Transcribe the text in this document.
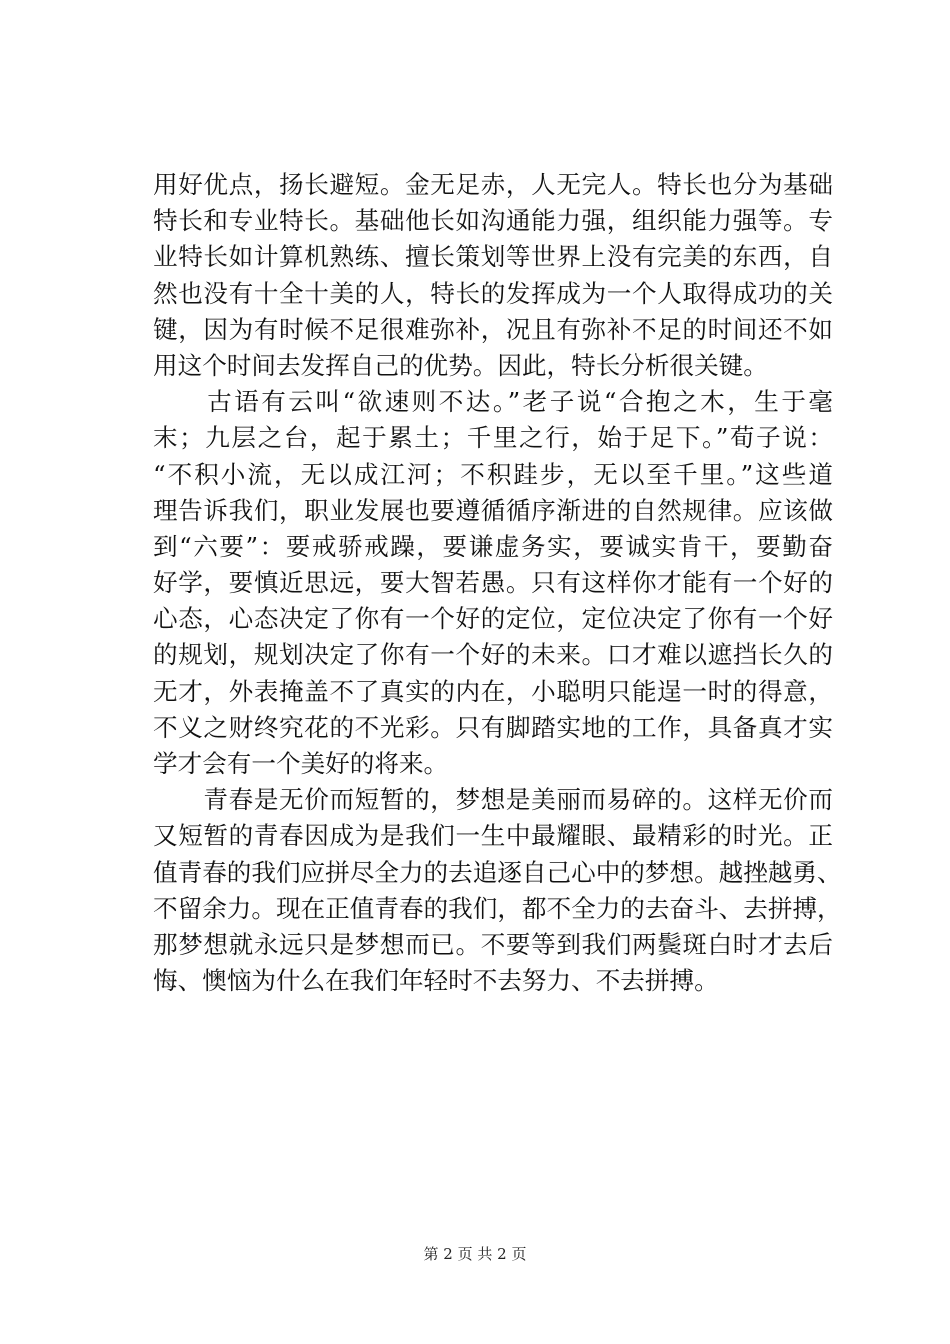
用好优点，扬长避短。金无足赤，人无完人。特长也分为基础
特长和专业特长。基础他长如沟通能力强，组织能力强等。专
业特长如计算机熟练、擅长策划等世界上没有完美的东西，自
然也没有十全十美的人，特长的发挥成为一个人取得成功的关
键，因为有时候不足很难弥补，况且有弥补不足的时间还不如
用这个时间去发挥自己的优势。因此，特长分析很关键。
　　古语有云叫“欲速则不达。”老子说“合抱之木，生于毫
末；九层之台，起于累土；千里之行，始于足下。”荀子说：
“不积小流，无以成江河；不积跬步，无以至千里。”这些道
理告诉我们，职业发展也要遵循循序渐进的自然规律。应该做
到“六要”：要戒骄戒躁，要谦虚务实，要诚实肯干，要勤奋
好学，要慎近思远，要大智若愚。只有这样你才能有一个好的
心态，心态决定了你有一个好的定位，定位决定了你有一个好
的规划，规划决定了你有一个好的未来。口才难以遮挡长久的
无才，外表掩盖不了真实的内在，小聪明只能逞一时的得意，
不义之财终究花的不光彩。只有脚踏实地的工作，具备真才实
学才会有一个美好的将来。
　　青春是无价而短暂的，梦想是美丽而易碎的。这样无价而
又短暂的青春因成为是我们一生中最耀眼、最精彩的时光。正
值青春的我们应拼尽全力的去追逐自己心中的梦想。越挫越勇、
不留余力。现在正值青春的我们，都不全力的去奋斗、去拼搏，
那梦想就永远只是梦想而已。不要等到我们两鬓斑白时才去后
悔、懊恼为什么在我们年轻时不去努力、不去拼搏。
第 2 页 共 2 页
